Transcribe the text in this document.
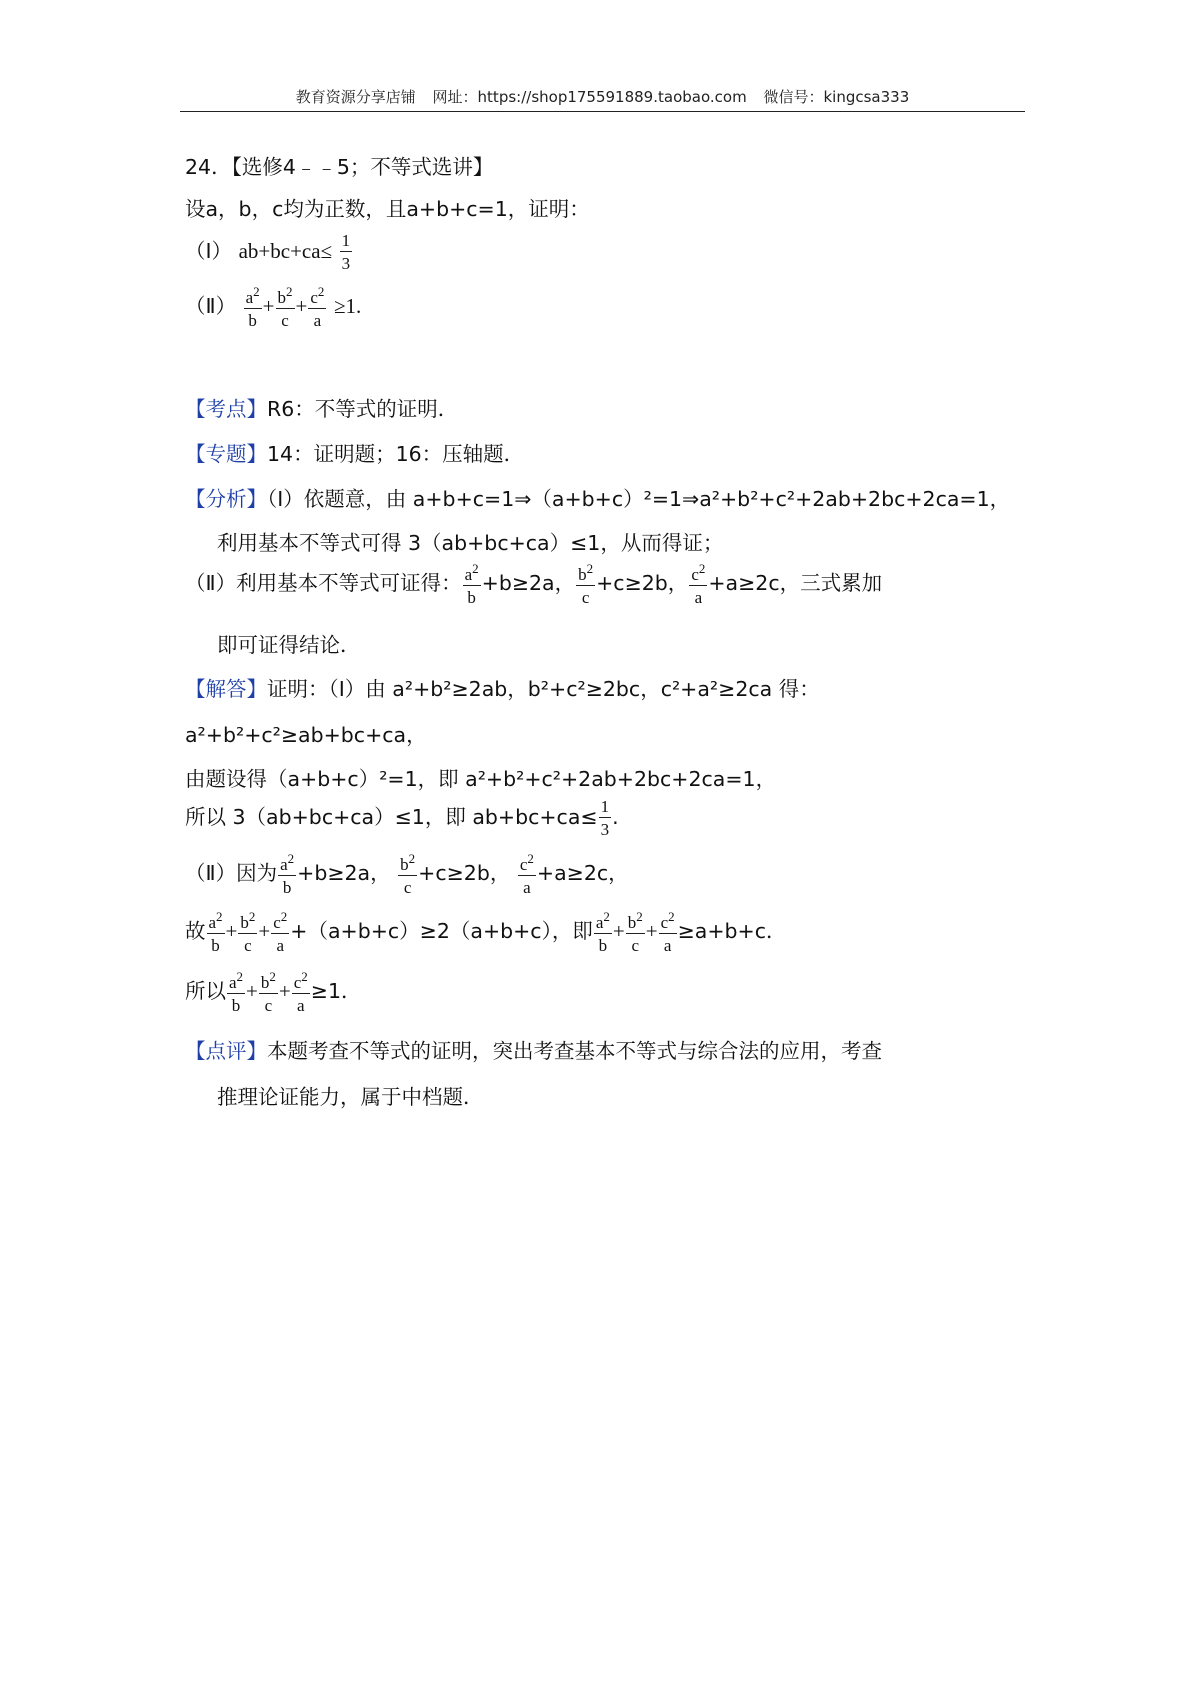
教育资源分享店铺 网址：https://shop175591889.taobao.com 微信号：kingcsa333
24．【选修4﹣﹣5；不等式选讲】
设a，b，c均为正数，且a+b+c=1，证明：
（Ⅰ） $ab+bc+ca\le \frac{1}{3}$
（Ⅱ） $\frac{a^2}{b} + \frac{b^2}{c} + \frac{c^2}{a} \ge 1$.
【考点】R6：不等式的证明．
【专题】14：证明题；16：压轴题．
【分析】（Ⅰ）依题意，由 a+b+c=1⇒（a+b+c）²=1⇒a²+b²+c²+2ab+2bc+2ca=1，
利用基本不等式可得 3（ab+bc+ca）≤1，从而得证；
（Ⅱ）利用基本不等式可证得： $\frac{a^2}{b} +b\ge 2a$， $\frac{b^2}{c} +c\ge 2b$， $\frac{c^2}{a} +a\ge 2c$，三式累加
即可证得结论．
【解答】证明：（Ⅰ）由 a²+b²≥2ab，b²+c²≥2bc，c²+a²≥2ca 得：
a²+b²+c²≥ab+bc+ca，
由题设得（a+b+c）²=1，即 a²+b²+c²+2ab+2bc+2ca=1，
所以 3（ab+bc+ca）≤1，即 $ab+bc+ca\le \frac{1}{3}$ .
（Ⅱ）因为 $\frac{a^2}{b} +b\ge 2a$， $\frac{b^2}{c} +c\ge 2b$， $\frac{c^2}{a} +a\ge 2c$，
故 $\frac{a^2}{b} + \frac{b^2}{c} + \frac{c^2}{a} +(a+b+c)\ge 2(a+b+c)$，即 $\frac{a^2}{b} + \frac{b^2}{c} + \frac{c^2}{a} \ge a+b+c$．
所以 $\frac{a^2}{b} + \frac{b^2}{c} + \frac{c^2}{a} \ge 1$．
【点评】本题考查不等式的证明，突出考查基本不等式与综合法的应用，考查
推理论证能力，属于中档题．
